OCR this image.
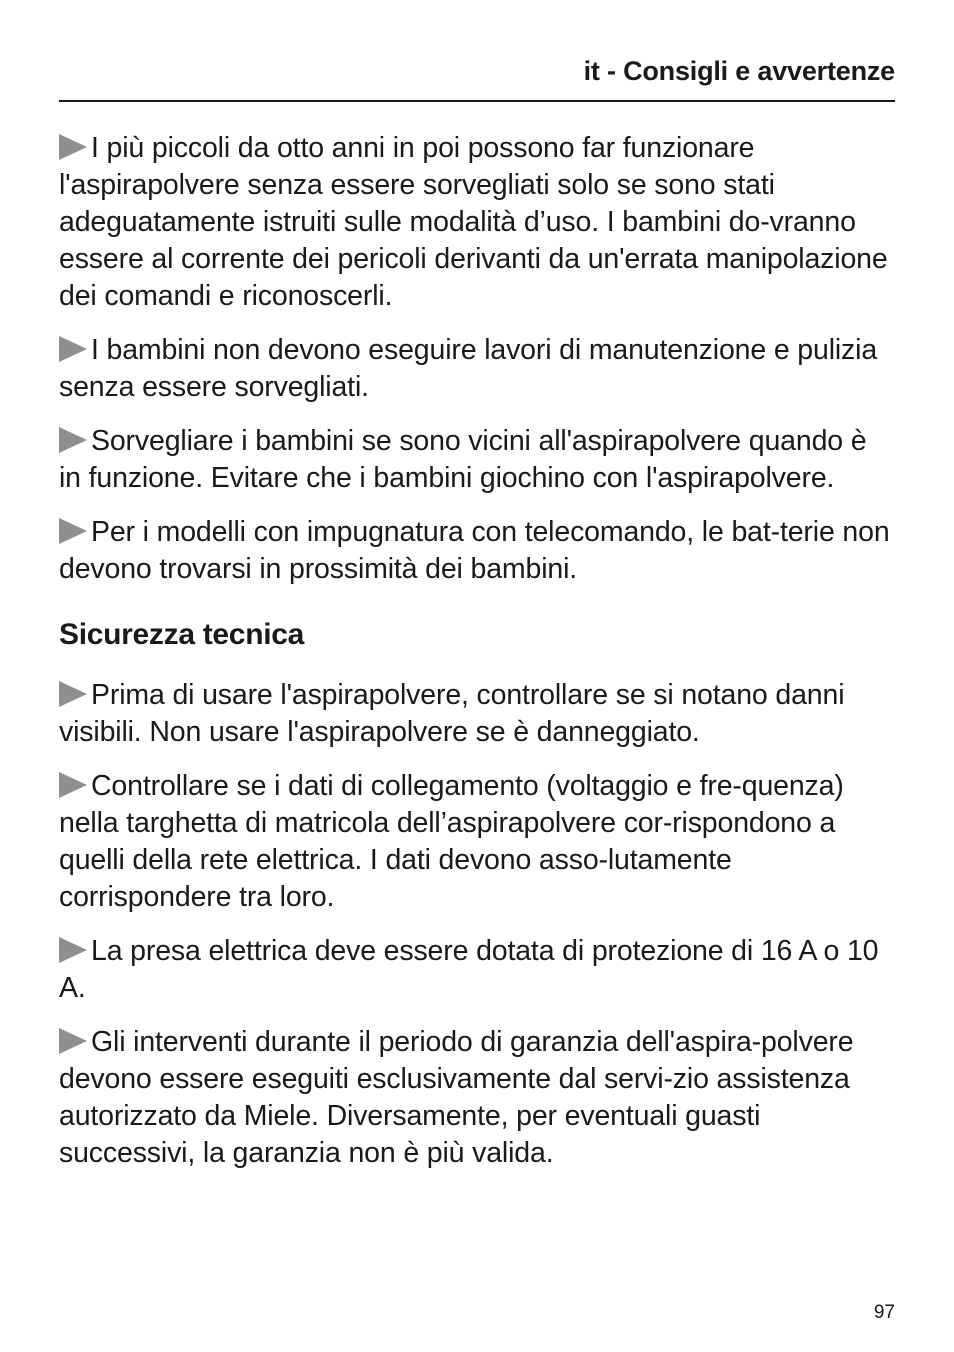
it - Consigli e avvertenze

I più piccoli da otto anni in poi possono far funzionare l'aspirapolvere senza essere sorvegliati solo se sono stati adeguatamente istruiti sulle modalità d’uso. I bambini do-vranno essere al corrente dei pericoli derivanti da un'errata manipolazione dei comandi e riconoscerli.

I bambini non devono eseguire lavori di manutenzione e pulizia senza essere sorvegliati.

Sorvegliare i bambini se sono vicini all'aspirapolvere quando è in funzione. Evitare che i bambini giochino con l'aspirapolvere.

Per i modelli con impugnatura con telecomando, le bat-terie non devono trovarsi in prossimità dei bambini.

Sicurezza tecnica

Prima di usare l'aspirapolvere, controllare se si notano danni visibili. Non usare l'aspirapolvere se è danneggiato.

Controllare se i dati di collegamento (voltaggio e fre-quenza) nella targhetta di matricola dell’aspirapolvere cor-rispondono a quelli della rete elettrica. I dati devono asso-lutamente corrispondere tra loro.

La presa elettrica deve essere dotata di protezione di 16 A o 10 A.

Gli interventi durante il periodo di garanzia dell'aspira-polvere devono essere eseguiti esclusivamente dal servi-zio assistenza autorizzato da Miele. Diversamente, per eventuali guasti successivi, la garanzia non è più valida.

97
